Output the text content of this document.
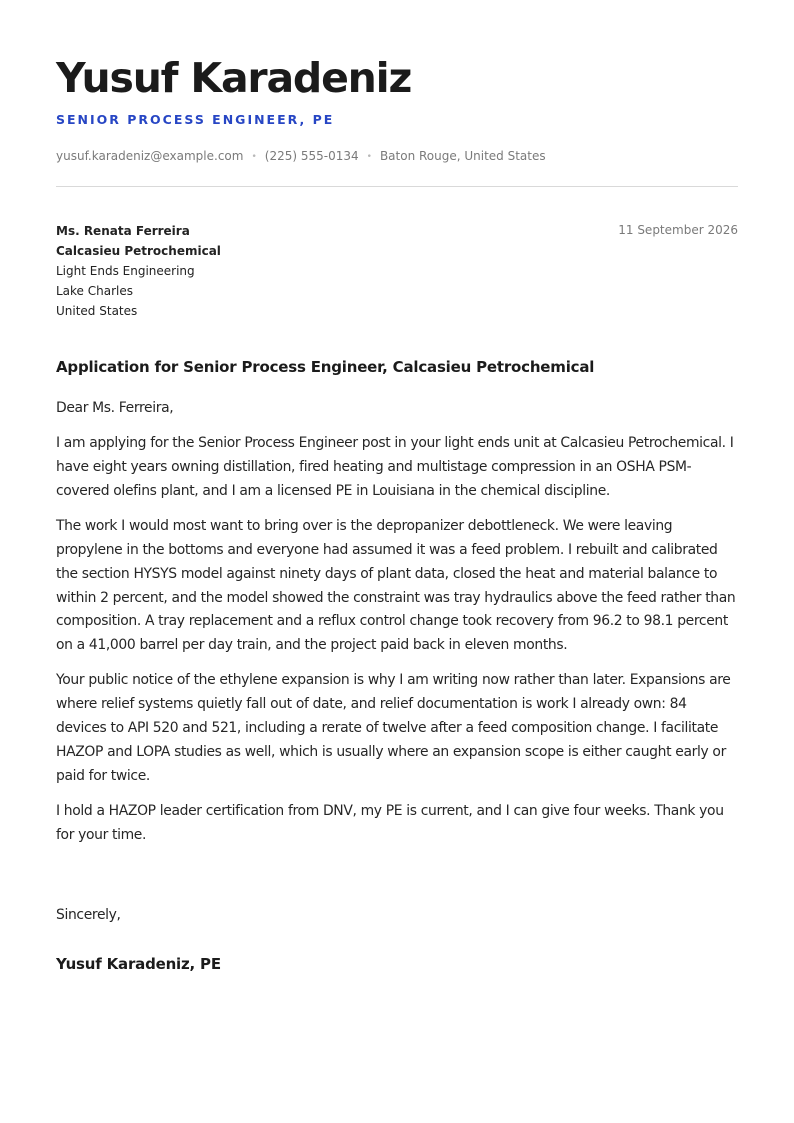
Yusuf Karadeniz
SENIOR PROCESS ENGINEER, PE
yusuf.karadeniz@example.com • (225) 555-0134 • Baton Rouge, United States
Ms. Renata Ferreira
Calcasieu Petrochemical
Light Ends Engineering
Lake Charles
United States
11 September 2026
Application for Senior Process Engineer, Calcasieu Petrochemical

Dear Ms. Ferreira,

I am applying for the Senior Process Engineer post in your light ends unit at Calcasieu Petrochemical. I have eight years owning distillation, fired heating and multistage compression in an OSHA PSM-covered olefins plant, and I am a licensed PE in Louisiana in the chemical discipline.

The work I would most want to bring over is the depropanizer debottleneck. We were leaving propylene in the bottoms and everyone had assumed it was a feed problem. I rebuilt and calibrated the section HYSYS model against ninety days of plant data, closed the heat and material balance to within 2 percent, and the model showed the constraint was tray hydraulics above the feed rather than composition. A tray replacement and a reflux control change took recovery from 96.2 to 98.1 percent on a 41,000 barrel per day train, and the project paid back in eleven months.

Your public notice of the ethylene expansion is why I am writing now rather than later. Expansions are where relief systems quietly fall out of date, and relief documentation is work I already own: 84 devices to API 520 and 521, including a rerate of twelve after a feed composition change. I facilitate HAZOP and LOPA studies as well, which is usually where an expansion scope is either caught early or paid for twice.

I hold a HAZOP leader certification from DNV, my PE is current, and I can give four weeks. Thank you for your time.

Sincerely,
Yusuf Karadeniz, PE
